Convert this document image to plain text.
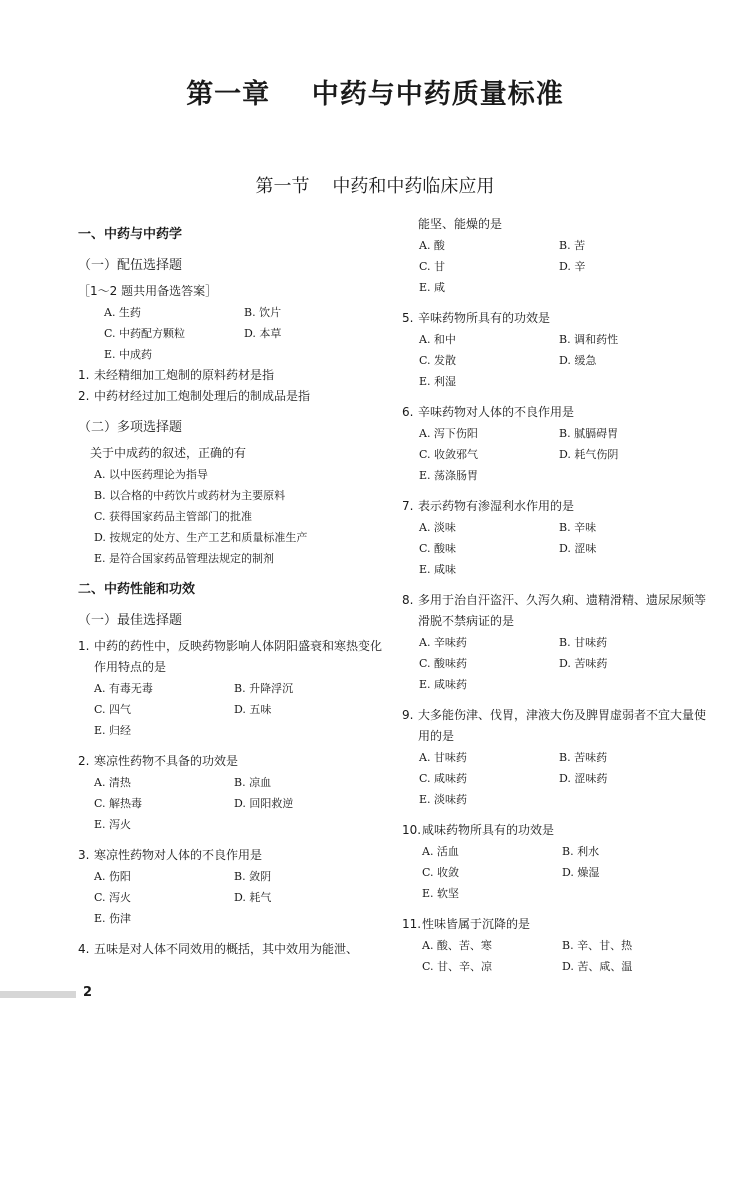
第一章    中药与中药质量标准
第一节    中药和中药临床应用
一、中药与中药学
（一）配伍选择题
［1～2 题共用备选答案］
A. 生药	B. 饮片
C. 中药配方颗粒	D. 本草
E. 中成药
1. 未经精细加工炮制的原料药材是指
2. 中药材经过加工炮制处理后的制成品是指
（二）多项选择题
关于中成药的叙述，正确的有
A. 以中医药理论为指导
B. 以合格的中药饮片或药材为主要原料
C. 获得国家药品主管部门的批准
D. 按规定的处方、生产工艺和质量标准生产
E. 是符合国家药品管理法规定的制剂
二、中药性能和功效
（一）最佳选择题
1. 中药的药性中，反映药物影响人体阴阳盛衰和寒热变化作用特点的是
A. 有毒无毒	B. 升降浮沉
C. 四气	D. 五味
E. 归经
2. 寒凉性药物不具备的功效是
A. 清热	B. 凉血
C. 解热毒	D. 回阳救逆
E. 泻火
3. 寒凉性药物对人体的不良作用是
A. 伤阳	B. 敛阴
C. 泻火	D. 耗气
E. 伤津
4. 五味是对人体不同效用的概括，其中效用为能泄、
能坚、能燥的是
A. 酸	B. 苦
C. 甘	D. 辛
E. 咸
5. 辛味药物所具有的功效是
A. 和中	B. 调和药性
C. 发散	D. 缓急
E. 利湿
6. 辛味药物对人体的不良作用是
A. 泻下伤阳	B. 腻膈碍胃
C. 收敛邪气	D. 耗气伤阴
E. 荡涤肠胃
7. 表示药物有渗湿利水作用的是
A. 淡味	B. 辛味
C. 酸味	D. 涩味
E. 咸味
8. 多用于治自汗盗汗、久泻久痢、遗精滑精、遗尿尿频等滑脱不禁病证的是
A. 辛味药	B. 甘味药
C. 酸味药	D. 苦味药
E. 咸味药
9. 大多能伤津、伐胃，津液大伤及脾胃虚弱者不宜大量使用的是
A. 甘味药	B. 苦味药
C. 咸味药	D. 涩味药
E. 淡味药
10. 咸味药物所具有的功效是
A. 活血	B. 利水
C. 收敛	D. 燥湿
E. 软坚
11. 性味皆属于沉降的是
A. 酸、苦、寒	B. 辛、甘、热
C. 甘、辛、凉	D. 苦、咸、温
2
